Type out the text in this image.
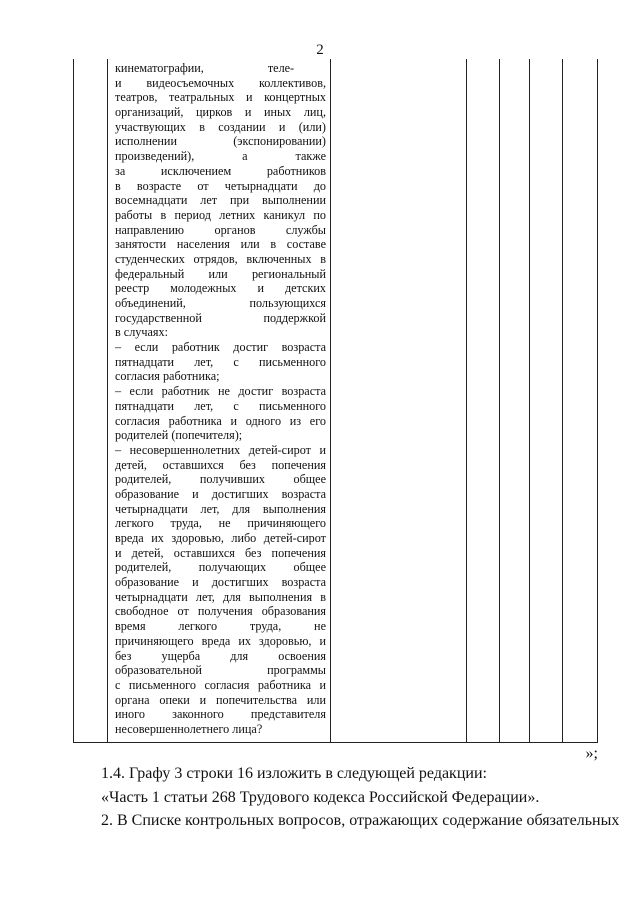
2
кинематографии,                     теле-
и видеосъемочных коллективов,
театров, театральных и концертных
организаций, цирков и иных лиц,
участвующих в создании и (или)
исполнении (экспонировании)
произведений), а также
за исключением работников
в возрасте от четырнадцати до
восемнадцати лет при выполнении
работы в период летних каникул по
направлению органов службы
занятости населения или в составе
студенческих отрядов, включенных в
федеральный или региональный
реестр молодежных и детских
объединений, пользующихся
государственной поддержкой
в случаях:
– если работник достиг возраста
пятнадцати лет, с письменного
согласия работника;
– если работник не достиг возраста
пятнадцати лет, с письменного
согласия работника и одного из его
родителей (попечителя);
– несовершеннолетних детей-сирот и
детей, оставшихся без попечения
родителей, получивших общее
образование и достигших возраста
четырнадцати лет, для выполнения
легкого труда, не причиняющего
вреда их здоровью, либо детей-сирот
и детей, оставшихся без попечения
родителей, получающих общее
образование и достигших возраста
четырнадцати лет, для выполнения в
свободное от получения образования
время легкого труда, не
причиняющего вреда их здоровью, и
без ущерба для освоения
образовательной программы
с письменного согласия работника и
органа опеки и попечительства или
иного законного представителя
несовершеннолетнего лица?
»;
1.4. Графу 3 строки 16 изложить в следующей редакции:
«Часть 1 статьи 268 Трудового кодекса Российской Федерации».
2. В Списке контрольных вопросов, отражающих содержание обязательных
